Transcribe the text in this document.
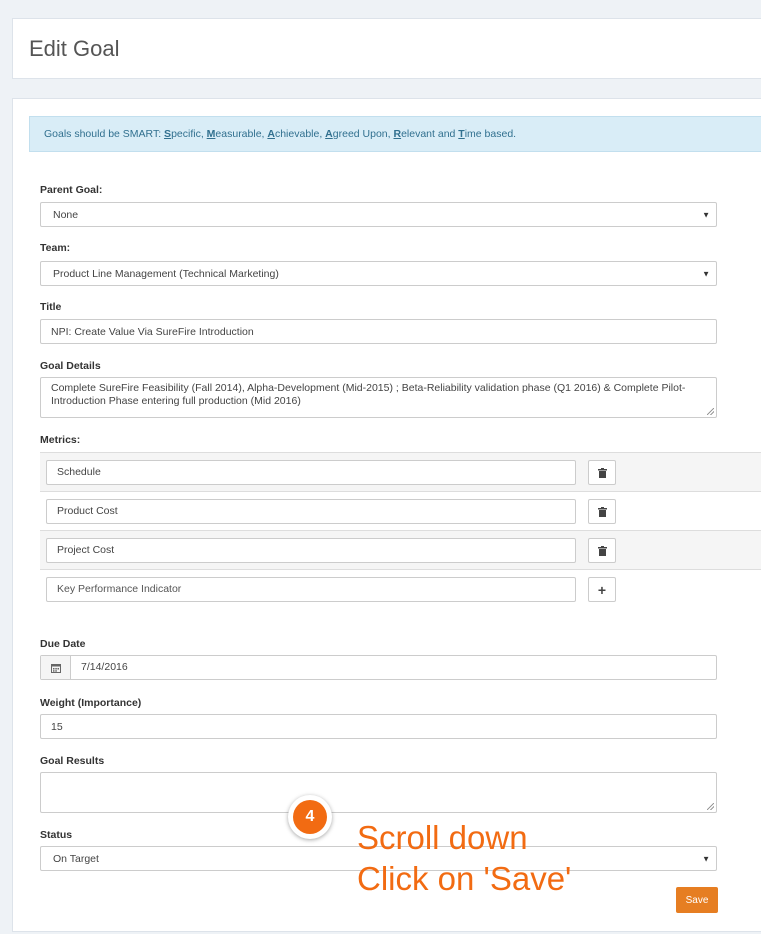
Edit Goal
Goals should be SMART: Specific, Measurable, Achievable, Agreed Upon, Relevant and Time based.
Parent Goal:
None	▼
Team:
Product Line Management (Technical Marketing)	▼
Title
NPI: Create Value Via SureFire Introduction
Goal Details
Complete SureFire Feasibility (Fall 2014), Alpha-Development (Mid-2015) ; Beta-Reliability validation phase (Q1 2016) & Complete Pilot-
Introduction Phase entering full production (Mid 2016)
Metrics:
Schedule
Product Cost
Project Cost
Key Performance Indicator	+
Due Date
7/14/2016
Weight (Importance)
15
Goal Results
Status
On Target	▼
Save
4
Scroll down
Click on 'Save'
